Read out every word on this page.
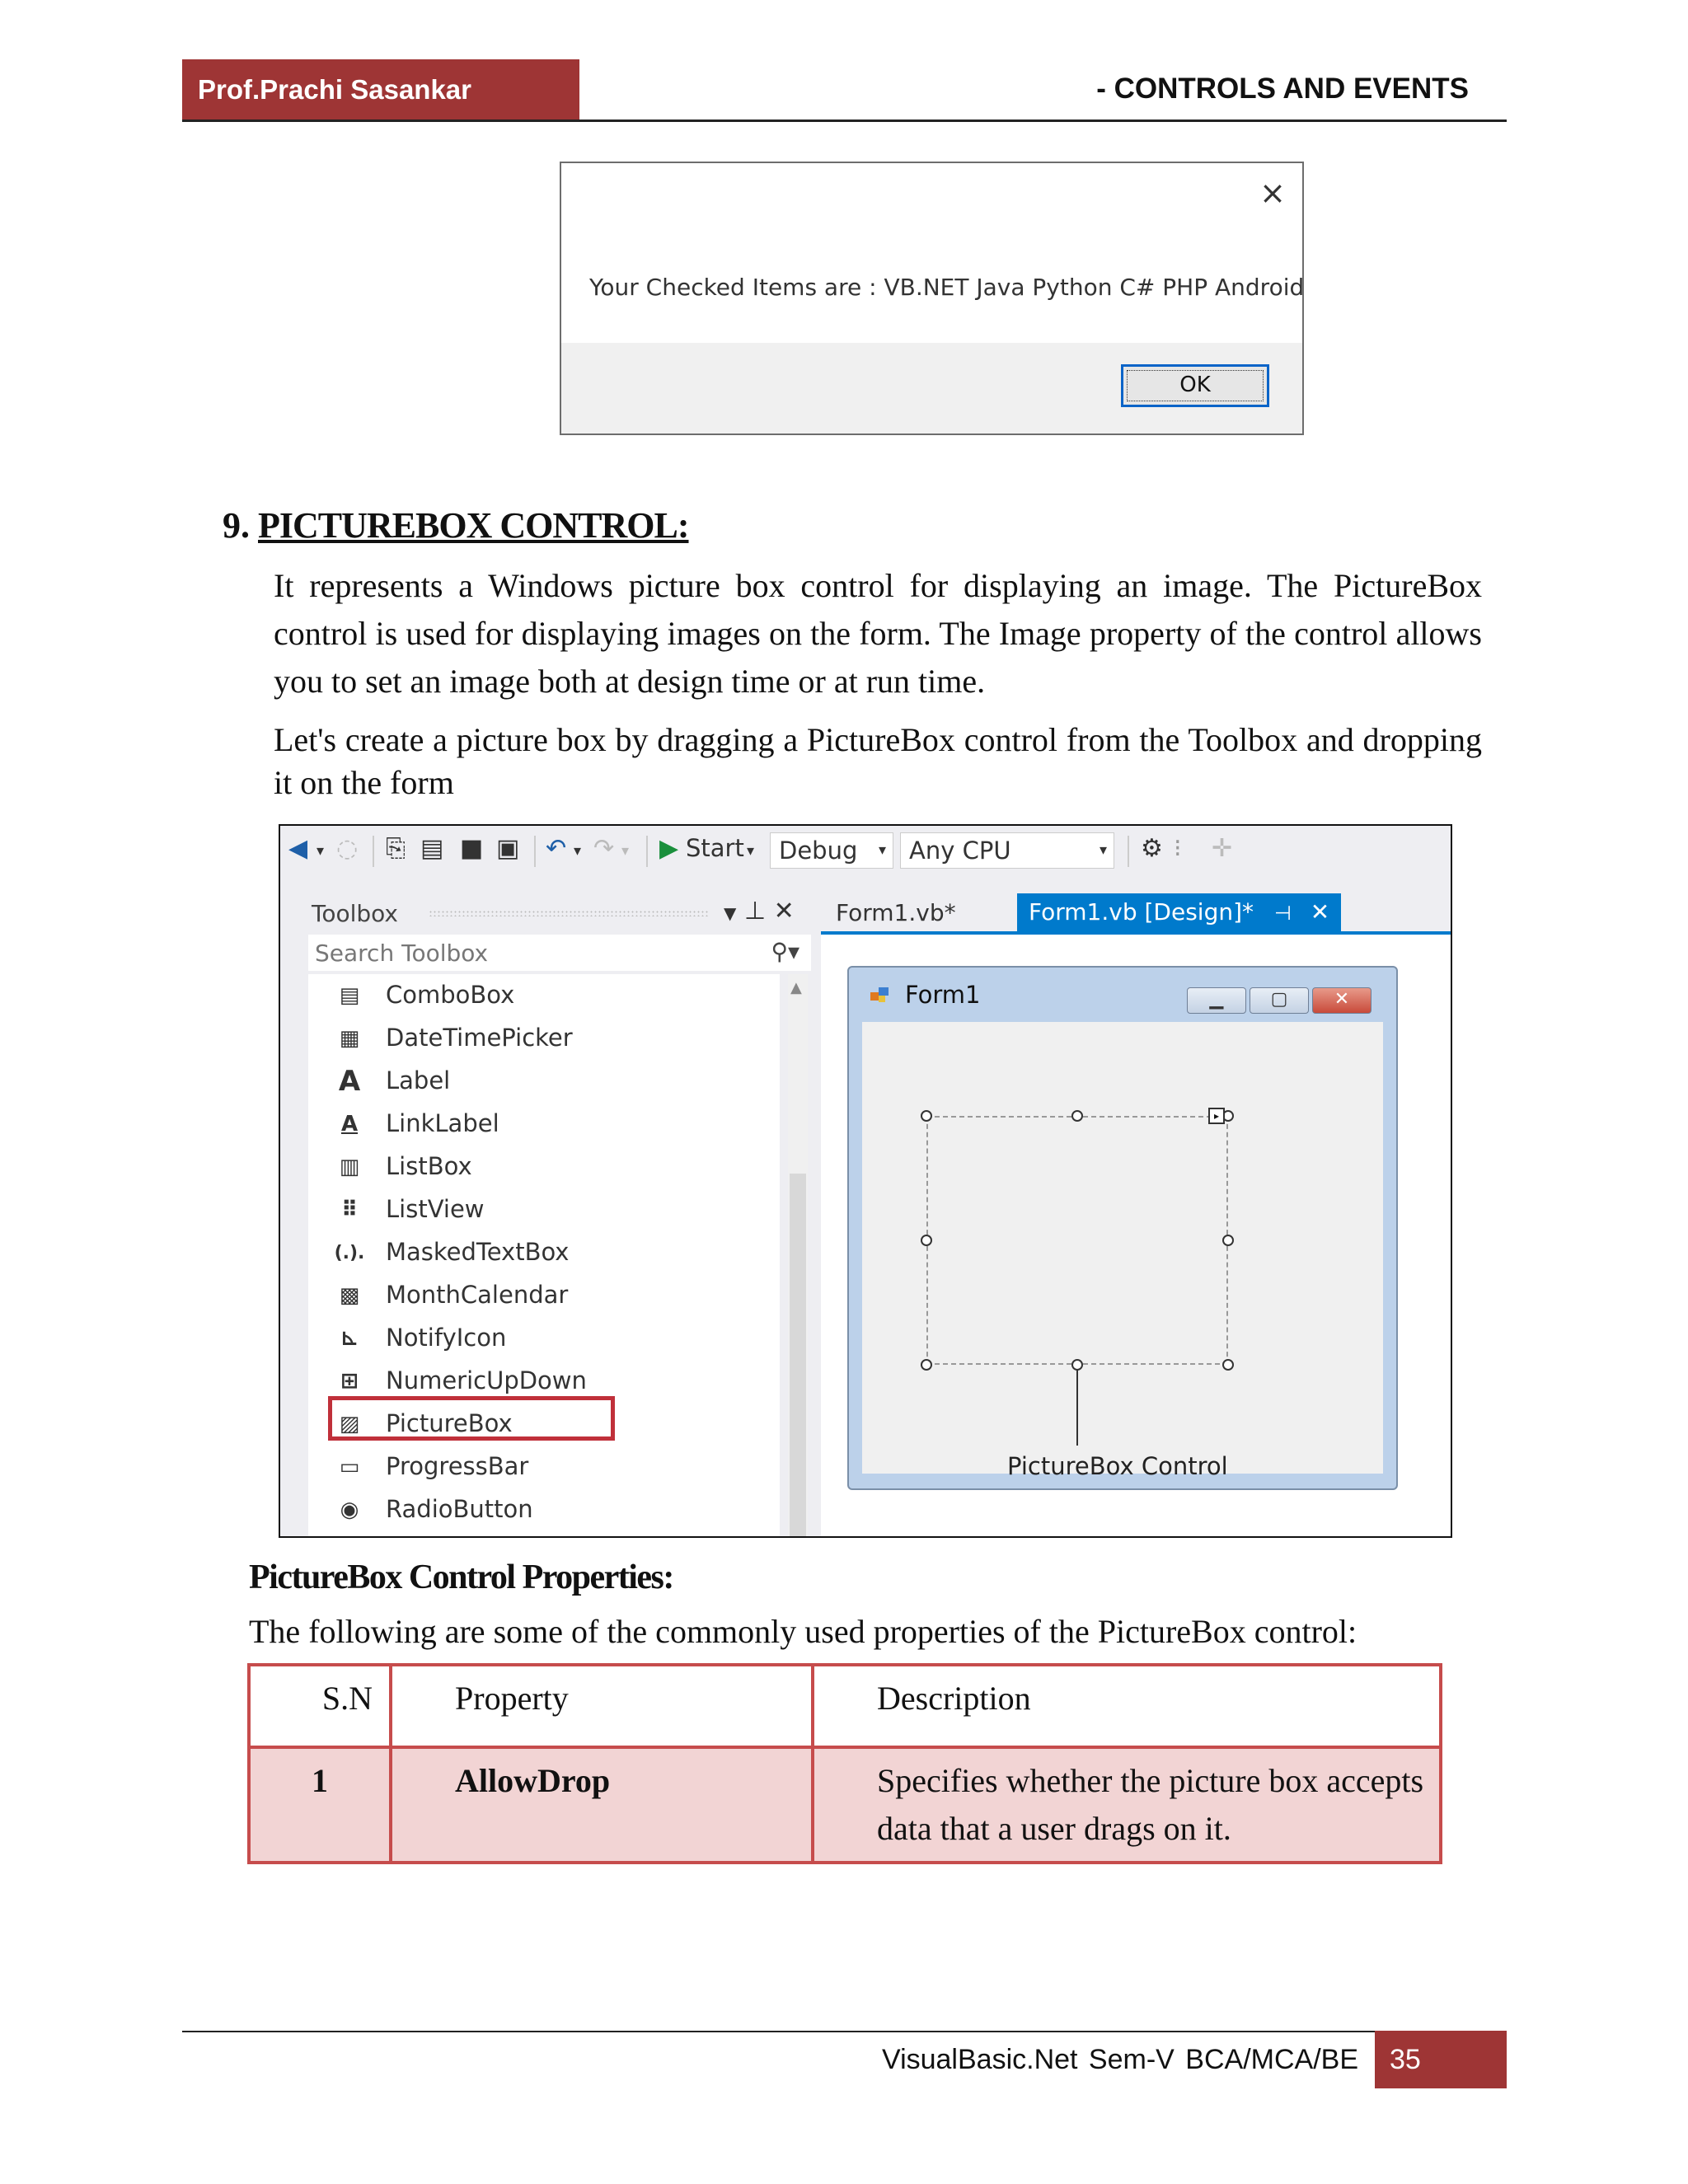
Prof.Prachi Sasankar	- CONTROLS AND EVENTS
×
Your Checked Items are : VB.NET Java Python C# PHP Android
OK
9. PICTUREBOX CONTROL:
It represents a Windows picture box control for displaying an image. The PictureBox control is used for displaying images on the form. The Image property of the control allows you to set an image both at design time or at run time.
Let's create a picture box by dragging a PictureBox control from the Toolbox and dropping it on the form
◀ ▾ ◌ ⎘ ▤ ■ ▣ ↶ ▾ ↷ ▾ ▶ Start ▾	Debug ▾ Any CPU	▾ ⚙ ⁝ ✛
Toolbox	▼ ⊥ ✕
Search Toolbox	⚲▾
▤ ComboBox
▦ DateTimePicker
A Label
A LinkLabel
▥ ListBox
⠿ ListView
(.). MaskedTextBox
▩ MonthCalendar
⊾ NotifyIcon
⊞ NumericUpDown
▨ PictureBox
▭ ProgressBar
◉ RadioButton
▲
Form1.vb*	Form1.vb [Design]* ⊣ ✕
Form1	▁	▢	✕
▸
PictureBox Control
PictureBox Control Properties:
The following are some of the commonly used properties of the PictureBox control:
S.N	Property	Description
1	AllowDrop	Specifies whether the picture box accepts data that a user drags on it.
VisualBasic.Net Sem-V BCA/MCA/BE 35
